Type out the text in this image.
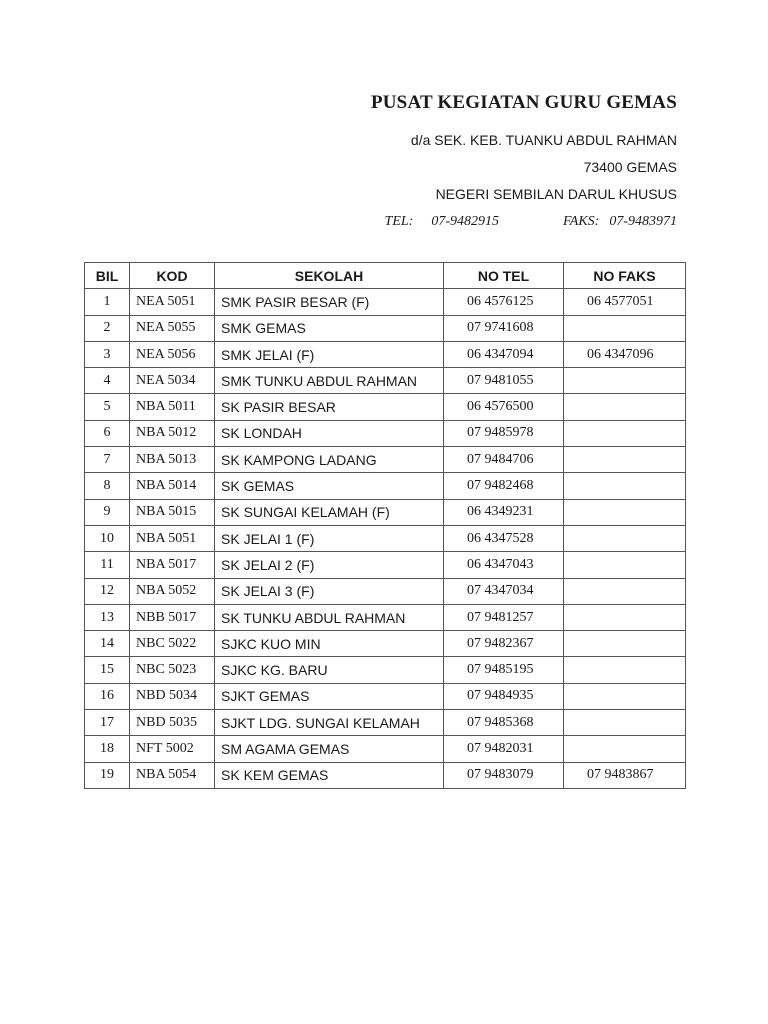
PUSAT KEGIATAN GURU GEMAS
d/a SEK. KEB. TUANKU ABDUL RAHMAN
73400 GEMAS
NEGERI SEMBILAN DARUL KHUSUS
TEL: 07-9482915	FAKS: 07-9483971
BIL	KOD	SEKOLAH	NO TEL	NO FAKS
1	NEA 5051	SMK PASIR BESAR (F)	06 4576125	06 4577051
2	NEA 5055	SMK GEMAS	07 9741608	
3	NEA 5056	SMK JELAI (F)	06 4347094	06 4347096
4	NEA 5034	SMK TUNKU ABDUL RAHMAN	07 9481055	
5	NBA 5011	SK PASIR BESAR	06 4576500	
6	NBA 5012	SK LONDAH	07 9485978	
7	NBA 5013	SK KAMPONG LADANG	07 9484706	
8	NBA 5014	SK GEMAS	07 9482468	
9	NBA 5015	SK SUNGAI KELAMAH (F)	06 4349231	
10	NBA 5051	SK JELAI 1 (F)	06 4347528	
11	NBA 5017	SK JELAI 2 (F)	06 4347043	
12	NBA 5052	SK JELAI 3 (F)	07 4347034	
13	NBB 5017	SK TUNKU ABDUL RAHMAN	07 9481257	
14	NBC 5022	SJKC KUO MIN	07 9482367	
15	NBC 5023	SJKC KG. BARU	07 9485195	
16	NBD 5034	SJKT GEMAS	07 9484935	
17	NBD 5035	SJKT LDG. SUNGAI KELAMAH	07 9485368	
18	NFT 5002	SM AGAMA GEMAS	07 9482031	
19	NBA 5054	SK KEM GEMAS	07 9483079	07 9483867
